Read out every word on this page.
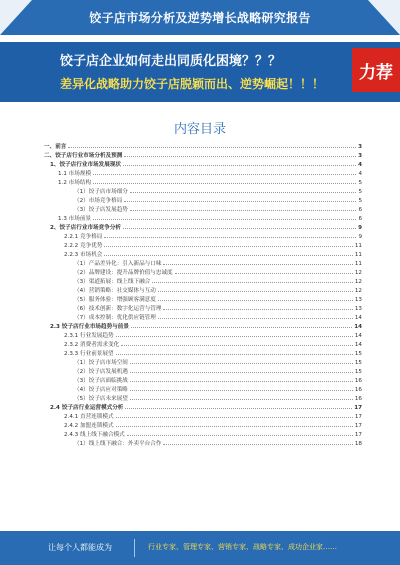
饺子店市场分析及逆势增长战略研究报告
饺子店企业如何走出同质化困境？？？
差异化战略助力饺子店脱颖而出、逆势崛起！！！
力荐
内容目录
一、前言	3
二、饺子店行业市场分析及预测	3
1、饺子店行业市场发展现状	4
1.1 市场规模	4
1.2 市场结构	5
（1）饺子店市场细分	5
（2）市场竞争格局	5
（3）饺子店发展趋势	6
1.3 市场前景	6
2、饺子店行业市场竞争分析	9
2.2.1 竞争格局	9
2.2.2 竞争优势	11
2.2.3 市场机会	11
（1）产品差异化：引入新品与口味	11
（2）品牌建设：提升品牌价值与忠诚度	12
（3）渠道拓展：线上线下融合	12
（4）营销策略：社交媒体与互动	12
（5）服务体验：增强顾客满意度	13
（6）技术创新：数字化运营与管理	13
（7）成本控制：优化供应链管理	14
2.3 饺子店行业市场趋势与前景	14
2.3.1 行业发展趋势	14
2.3.2 消费者需求变化	14
2.3.3 行业前景展望	15
（1）饺子店市场空间	15
（2）饺子店发展机遇	15
（3）饺子店面临挑战	16
（4）饺子店应对策略	16
（5）饺子店未来展望	16
2.4 饺子店行业运营模式分析	17
2.4.1 直营连锁模式	17
2.4.2 加盟连锁模式	17
2.4.3 线上线下融合模式	17
（1）线上线下融合：外卖平台合作	18
让每个人都能成为	行业专家、管理专家、营销专家、战略专家、成功企业家……
